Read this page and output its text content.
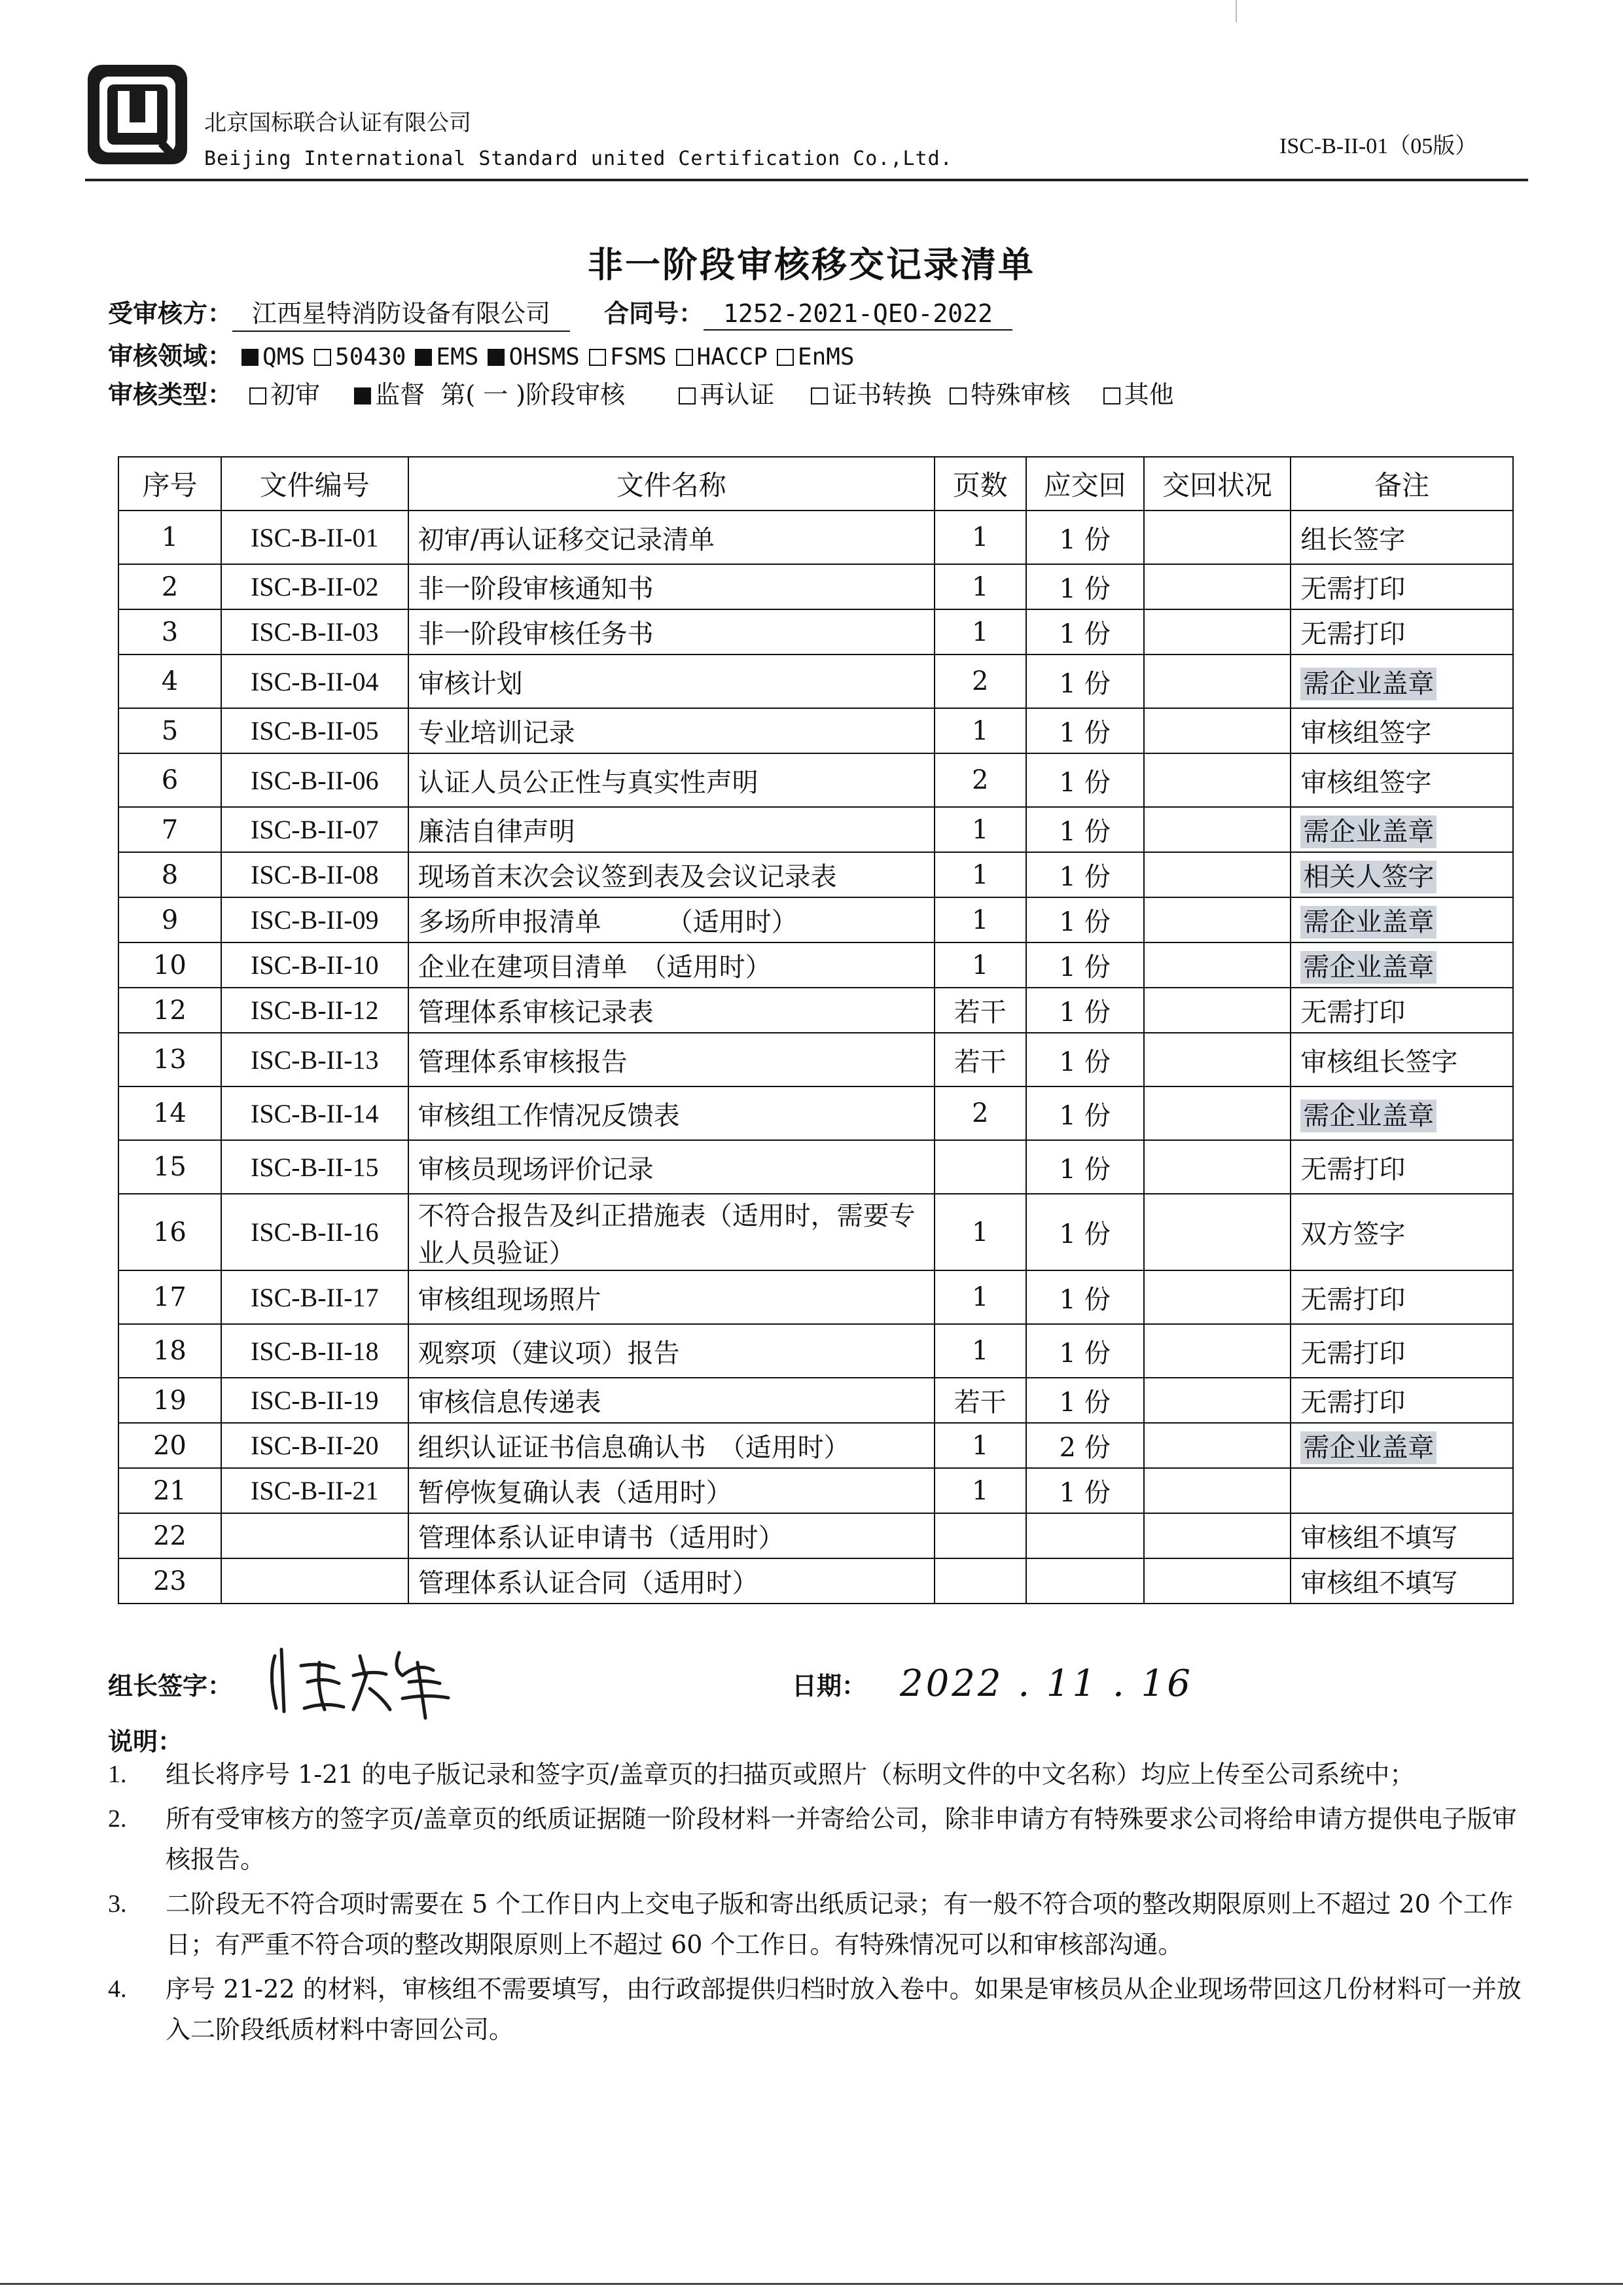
北京国标联合认证有限公司
Beijing International Standard united Certification Co.,Ltd.
ISC-B-II-01（05版）
非一阶段审核移交记录清单
受审核方： 江西星特消防设备有限公司 合同号： 1252-2021-QEO-2022
审核领域： QMS 50430 EMS OHSMS FSMS HACCP EnMS
审核类型： 初审 监督 第( 一 )阶段审核	再认证 证书转换 特殊审核 其他
序号	文件编号	文件名称	页数	应交回	交回状况	备注
1	ISC-B-II-01	初审/再认证移交记录清单	1	1 份		组长签字
2	ISC-B-II-02	非一阶段审核通知书	1	1 份		无需打印
3	ISC-B-II-03	非一阶段审核任务书	1	1 份		无需打印
4	ISC-B-II-04	审核计划	2	1 份		需企业盖章
5	ISC-B-II-05	专业培训记录	1	1 份		审核组签字
6	ISC-B-II-06	认证人员公正性与真实性声明	2	1 份		审核组签字
7	ISC-B-II-07	廉洁自律声明	1	1 份		需企业盖章
8	ISC-B-II-08	现场首末次会议签到表及会议记录表	1	1 份		相关人签字
9	ISC-B-II-09	多场所申报清单　　　（适用时）	1	1 份		需企业盖章
10	ISC-B-II-10	企业在建项目清单　（适用时）	1	1 份		需企业盖章
12	ISC-B-II-12	管理体系审核记录表	若干	1 份		无需打印
13	ISC-B-II-13	管理体系审核报告	若干	1 份		审核组长签字
14	ISC-B-II-14	审核组工作情况反馈表	2	1 份		需企业盖章
15	ISC-B-II-15	审核员现场评价记录		1 份		无需打印
16	ISC-B-II-16	不符合报告及纠正措施表（适用时，需要专业人员验证）	1	1 份		双方签字
17	ISC-B-II-17	审核组现场照片	1	1 份		无需打印
18	ISC-B-II-18	观察项（建议项）报告	1	1 份		无需打印
19	ISC-B-II-19	审核信息传递表	若干	1 份		无需打印
20	ISC-B-II-20	组织认证证书信息确认书　（适用时）	1	2 份		需企业盖章
21	ISC-B-II-21	暂停恢复确认表（适用时）	1	1 份		
22		管理体系认证申请书（适用时）				审核组不填写
23		管理体系认证合同（适用时）				审核组不填写
组长签字：	日期： 2022 . 11 . 16
说明：
1. 组长将序号 1-21 的电子版记录和签字页/盖章页的扫描页或照片（标明文件的中文名称）均应上传至公司系统中；
2. 所有受审核方的签字页/盖章页的纸质证据随一阶段材料一并寄给公司，除非申请方有特殊要求公司将给申请方提供电子版审核报告。
3. 二阶段无不符合项时需要在 5 个工作日内上交电子版和寄出纸质记录；有一般不符合项的整改期限原则上不超过 20 个工作日；有严重不符合项的整改期限原则上不超过 60 个工作日。有特殊情况可以和审核部沟通。
4. 序号 21-22 的材料，审核组不需要填写，由行政部提供归档时放入卷中。如果是审核员从企业现场带回这几份材料可一并放入二阶段纸质材料中寄回公司。
